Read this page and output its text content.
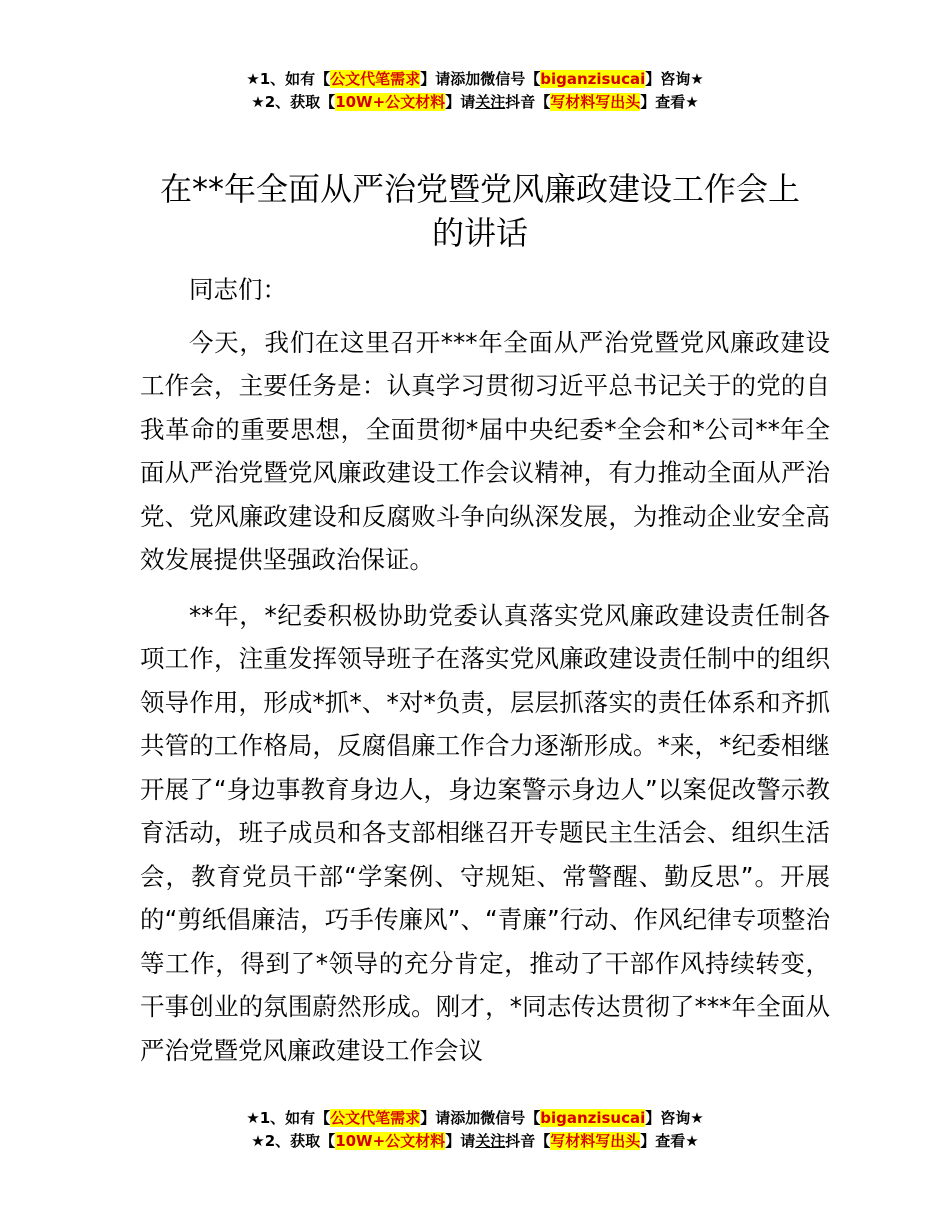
★1、如有【公文代笔需求】请添加微信号【biganzisucai】咨询★
★2、获取【10W+公文材料】请关注抖音【写材料写出头】查看★
在**年全面从严治党暨党风廉政建设工作会上
的讲话

同志们：

今天，我们在这里召开***年全面从严治党暨党风廉政建设工作会，主要任务是：认真学习贯彻习近平总书记关于的党的自我革命的重要思想，全面贯彻*届中央纪委*全会和*公司**年全面从严治党暨党风廉政建设工作会议精神，有力推动全面从严治党、党风廉政建设和反腐败斗争向纵深发展，为推动企业安全高效发展提供坚强政治保证。

**年，*纪委积极协助党委认真落实党风廉政建设责任制各项工作，注重发挥领导班子在落实党风廉政建设责任制中的组织领导作用，形成*抓*、*对*负责，层层抓落实的责任体系和齐抓共管的工作格局，反腐倡廉工作合力逐渐形成。*来，*纪委相继开展了“身边事教育身边人，身边案警示身边人”以案促改警示教育活动，班子成员和各支部相继召开专题民主生活会、组织生活会，教育党员干部“学案例、守规矩、常警醒、勤反思”。开展的“剪纸倡廉洁，巧手传廉风”、“青廉”行动、作风纪律专项整治等工作，得到了*领导的充分肯定，推动了干部作风持续转变，干事创业的氛围蔚然形成。刚才，*同志传达贯彻了***年全面从严治党暨党风廉政建设工作会议

★1、如有【公文代笔需求】请添加微信号【biganzisucai】咨询★
★2、获取【10W+公文材料】请关注抖音【写材料写出头】查看★
